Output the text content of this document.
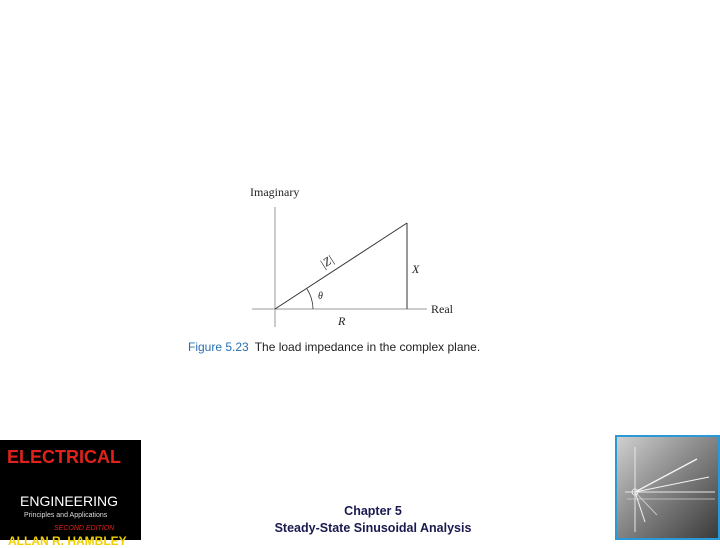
Imaginary
Real
|Z|
θ
X
R
Figure 5.23 The load impedance in the complex plane.
ELECTRICAL
ENGINEERING
Principles and Applications
SECOND EDITION
ALLAN R. HAMBLEY
Chapter 5
Steady-State Sinusoidal Analysis
